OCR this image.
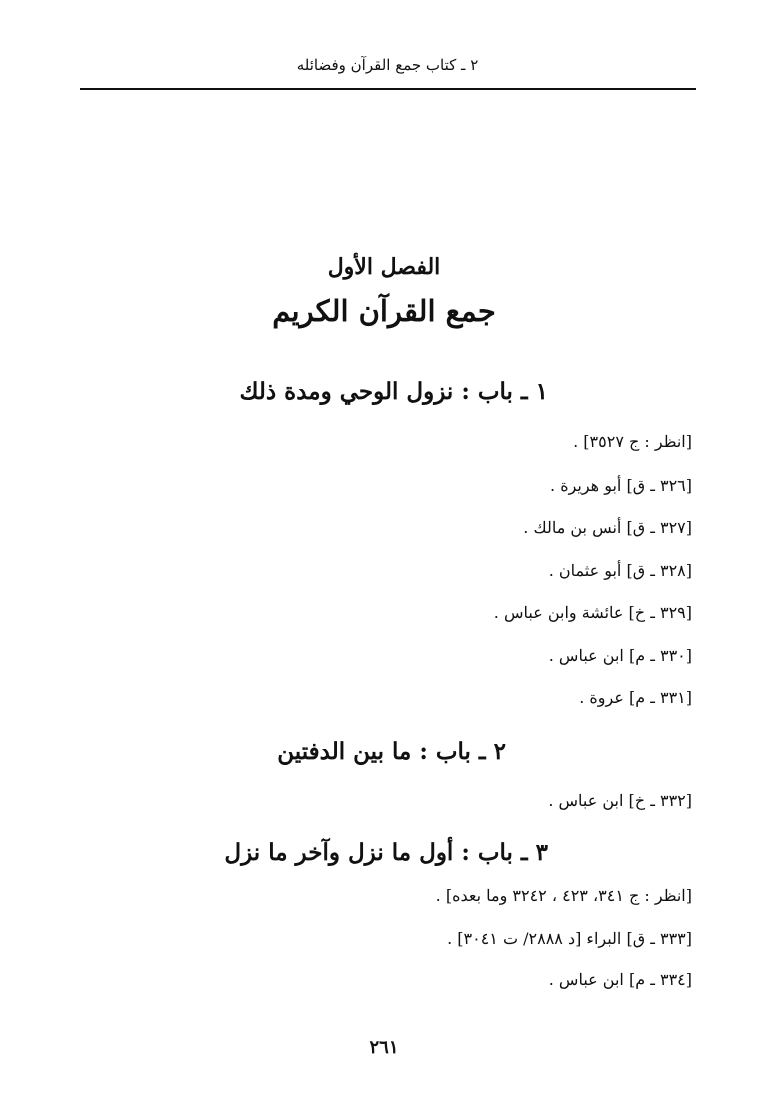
٢ ـ كتاب جمع القرآن وفضائله
الفصل الأول
جمع القرآن الكريم
١ ـ باب : نزول الوحي ومدة ذلك
[انظر : ج ٣٥٢٧] .
[٣٢٦ ـ ق] أبو هريرة .
[٣٢٧ ـ ق] أنس بن مالك .
[٣٢٨ ـ ق] أبو عثمان .
[٣٢٩ ـ خ] عائشة وابن عباس .
[٣٣٠ ـ م] ابن عباس .
[٣٣١ ـ م] عروة .
٢ ـ باب : ما بين الدفتين
[٣٣٢ ـ خ] ابن عباس .
٣ ـ باب : أول ما نزل وآخر ما نزل
[انظر : ج ٣٤١، ٤٢٣ ، ٣٢٤٢ وما بعده] .
[٣٣٣ ـ ق] البراء [د ٢٨٨٨/ ت ٣٠٤١] .
[٣٣٤ ـ م] ابن عباس .
٢٦١
